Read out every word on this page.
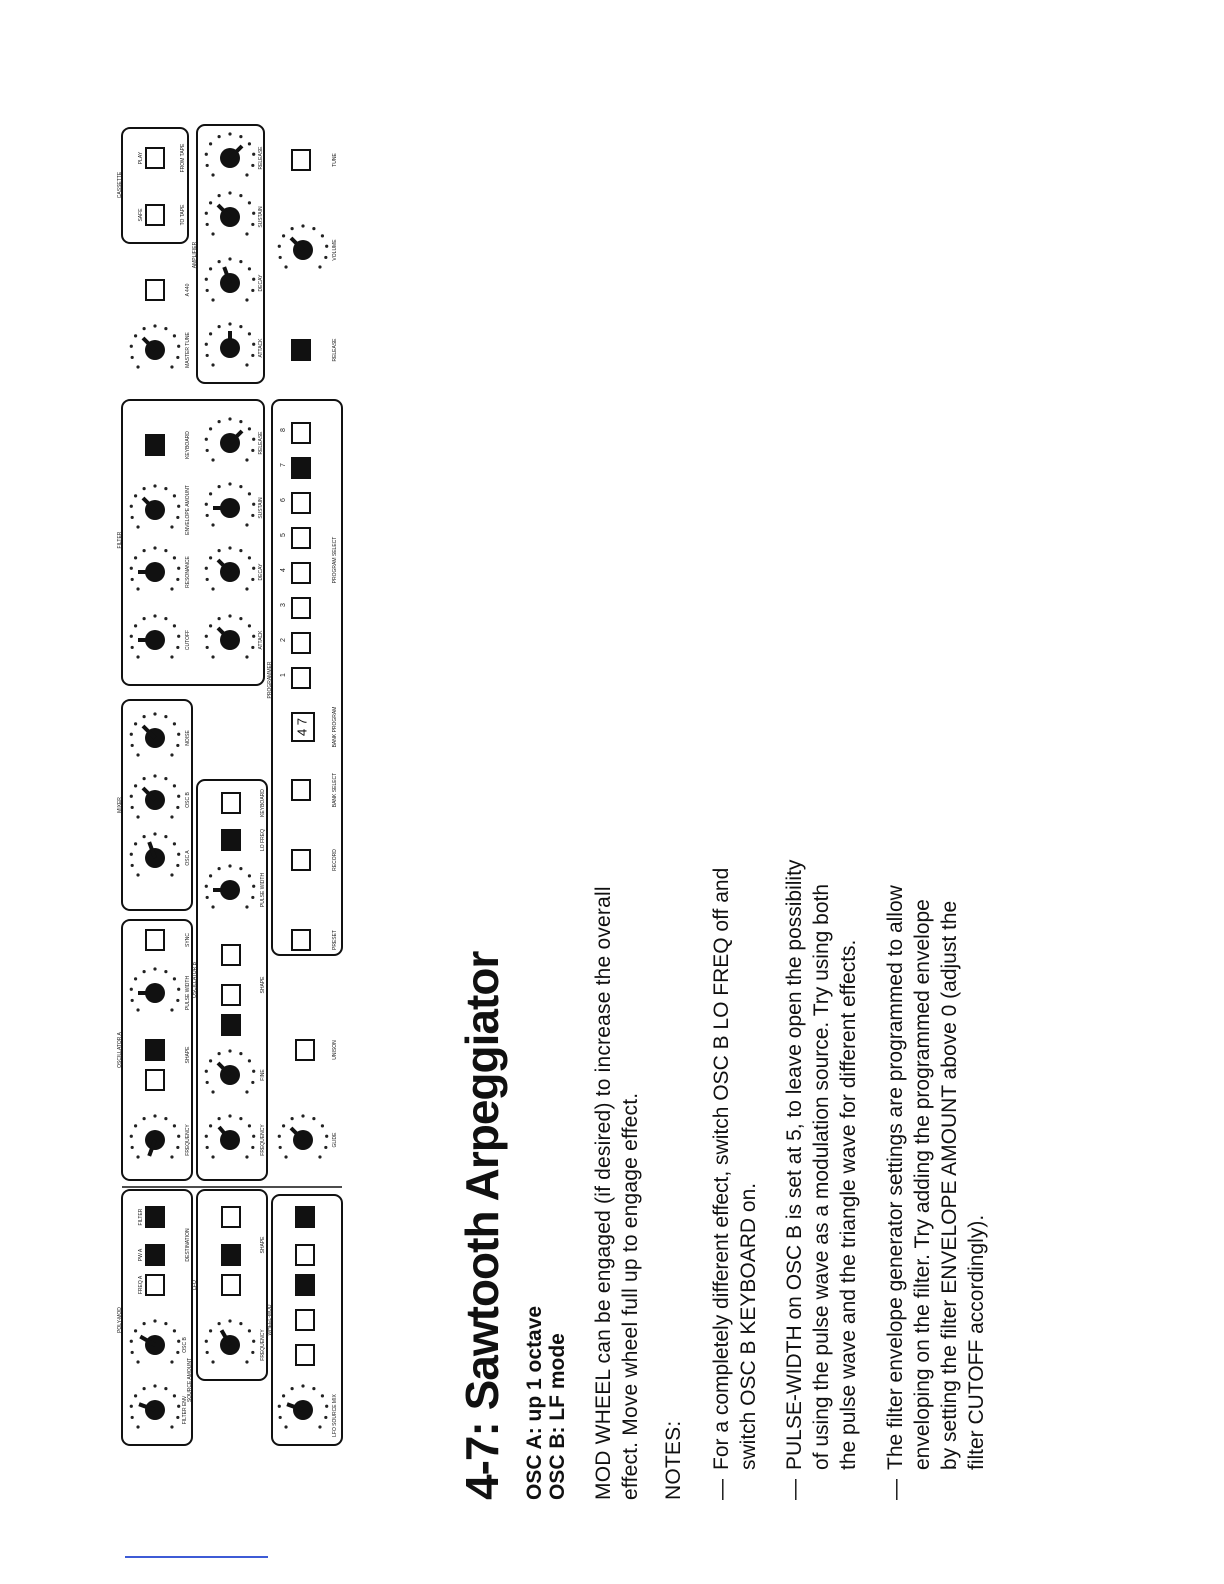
POLY-MOD
LFO
WHEEL-MOD
OSCILLATOR A
OSCILLATOR B
MIXER
FILTER
PROGRAMMER
AMPLIFIER
CASSETTE
FILTER ENV
OSC B
SOURCE AMOUNT
FREQ A
PW A
FILTER
DESTINATION
FREQUENCY
SHAPE
LFO
SOURCE MIX
FREQUENCY
SHAPE
PULSE WIDTH
SYNC
FREQUENCY
FINE
SHAPE
PULSE WIDTH
LO FREQ
KEYBOARD
OSC A
OSC B
NOISE
CUTOFF
RESONANCE
ENVELOPE AMOUNT
KEYBOARD
ATTACK
DECAY
SUSTAIN
RELEASE
MASTER TUNE
A 440
GLIDE
UNISON
PRESET
RECORD
BANK SELECT
BANK PROGRAM
PROGRAM SELECT
RELEASE
VOLUME
TUNE
ATTACK
DECAY
SUSTAIN
RELEASE
SAFE
PLAY
TO TAPE
FROM TAPE
1
2
3
4
5
6
7
8
4 7
4-7: Sawtooth Arpeggiator OSC A: up 1 octave OSC B: LF mode MOD WHEEL can be engaged (if desired) to increase the overall effect. Move wheel full up to engage effect. NOTES: —
For a completely different effect, switch OSC B LO FREQ off and switch OSC B KEYBOARD on.
—
PULSE-WIDTH on OSC B is set at 5, to leave open the possibility of using the pulse wave as a modulation source. Try using both the pulse wave and the triangle wave for different effects.
—
The filter envelope generator settings are programmed to allow enveloping on the filter. Try adding the programmed envelope by setting the filter ENVELOPE AMOUNT above 0 (adjust the filter CUTOFF accordingly).
